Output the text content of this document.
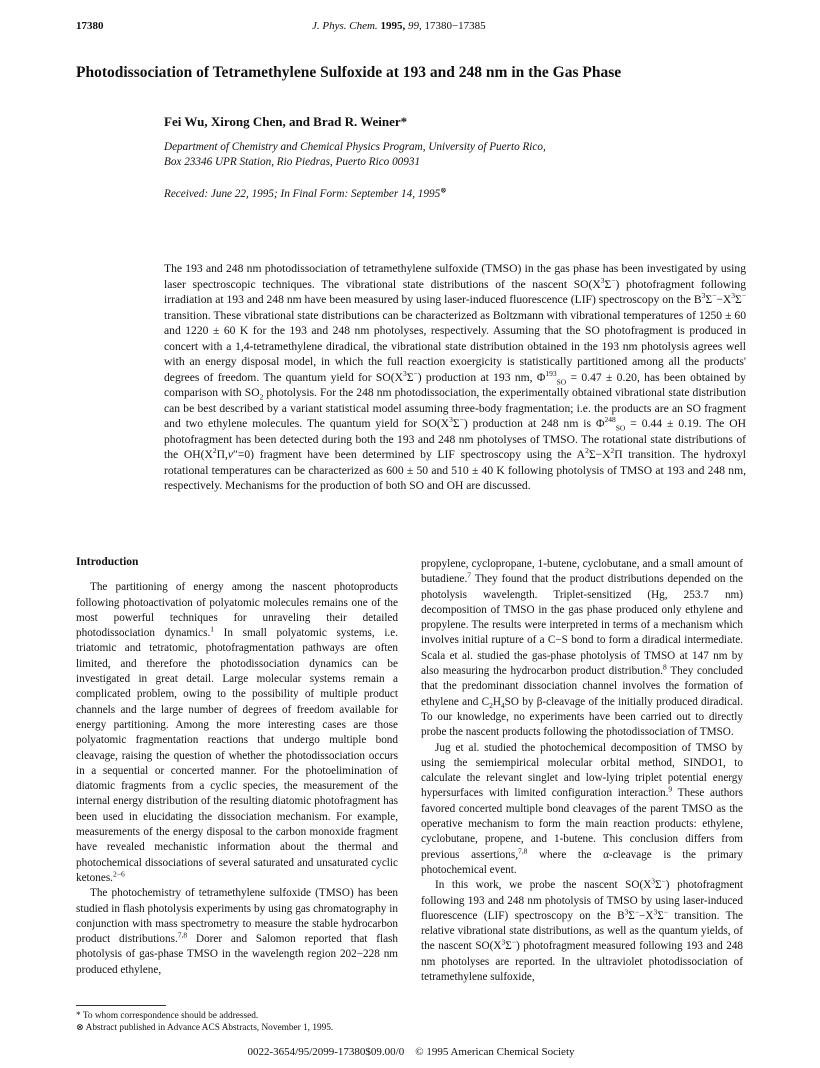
17380	J. Phys. Chem. 1995, 99, 17380−17385
Photodissociation of Tetramethylene Sulfoxide at 193 and 248 nm in the Gas Phase
Fei Wu, Xirong Chen, and Brad R. Weiner*
Department of Chemistry and Chemical Physics Program, University of Puerto Rico,
Box 23346 UPR Station, Rio Piedras, Puerto Rico 00931
Received: June 22, 1995; In Final Form: September 14, 1995⊗

The 193 and 248 nm photodissociation of tetramethylene sulfoxide (TMSO) in the gas phase has been investigated by using laser spectroscopic techniques. The vibrational state distributions of the nascent $SO(X^3\Sigma^-)$ photofragment following irradiation at 193 and 248 nm have been measured by using laser-induced fluorescence (LIF) spectroscopy on the $B^3\Sigma^--X^3\Sigma^-$ transition. These vibrational state distributions can be characterized as Boltzmann with vibrational temperatures of 1250 ± 60 and 1220 ± 60 K for the 193 and 248 nm photolyses, respectively. Assuming that the SO photofragment is produced in concert with a 1,4-tetramethylene diradical, the vibrational state distribution obtained in the 193 nm photolysis agrees well with an energy disposal model, in which the full reaction exoergicity is statistically partitioned among all the products' degrees of freedom. The quantum yield for $SO(X^3\Sigma^-)$ production at 193 nm, $\Phi^{193}_{SO} = 0.47 \pm 0.20$, has been obtained by comparison with $SO_2$ photolysis. For the 248 nm photodissociation, the experimentally obtained vibrational state distribution can be best described by a variant statistical model assuming three-body fragmentation; i.e. the products are an SO fragment and two ethylene molecules. The quantum yield for $SO(X^3\Sigma^-)$ production at 248 nm is $\Phi^{248}_{SO} = 0.44 \pm 0.19$. The OH photofragment has been detected during both the 193 and 248 nm photolyses of TMSO. The rotational state distributions of the $OH(X^2\Pi,v''=0)$ fragment have been determined by LIF spectroscopy using the $A^2\Sigma-X^2\Pi$ transition. The hydroxyl rotational temperatures can be characterized as 600 ± 50 and 510 ± 40 K following photolysis of TMSO at 193 and 248 nm, respectively. Mechanisms for the production of both SO and OH are discussed.

Introduction

The partitioning of energy among the nascent photoproducts following photoactivation of polyatomic molecules remains one of the most powerful techniques for unraveling their detailed photodissociation dynamics.$^1$ In small polyatomic systems, i.e. triatomic and tetratomic, photofragmentation pathways are often limited, and therefore the photodissociation dynamics can be investigated in great detail. Large molecular systems remain a complicated problem, owing to the possibility of multiple product channels and the large number of degrees of freedom available for energy partitioning. Among the more interesting cases are those polyatomic fragmentation reactions that undergo multiple bond cleavage, raising the question of whether the photodissociation occurs in a sequential or concerted manner. For the photoelimination of diatomic fragments from a cyclic species, the measurement of the internal energy distribution of the resulting diatomic photofragment has been used in elucidating the dissociation mechanism. For example, measurements of the energy disposal to the carbon monoxide fragment have revealed mechanistic information about the thermal and photochemical dissociations of several saturated and unsaturated cyclic ketones.$^{2-6}$

The photochemistry of tetramethylene sulfoxide (TMSO) has been studied in flash photolysis experiments by using gas chromatography in conjunction with mass spectrometry to measure the stable hydrocarbon product distributions.$^{7,8}$ Dorer and Salomon reported that flash photolysis of gas-phase TMSO in the wavelength region 202−228 nm produced ethylene,

propylene, cyclopropane, 1-butene, cyclobutane, and a small amount of butadiene.$^7$ They found that the product distributions depended on the photolysis wavelength. Triplet-sensitized (Hg, 253.7 nm) decomposition of TMSO in the gas phase produced only ethylene and propylene. The results were interpreted in terms of a mechanism which involves initial rupture of a C−S bond to form a diradical intermediate. Scala et al. studied the gas-phase photolysis of TMSO at 147 nm by also measuring the hydrocarbon product distribution.$^8$ They concluded that the predominant dissociation channel involves the formation of ethylene and $C_2H_4SO$ by β-cleavage of the initially produced diradical. To our knowledge, no experiments have been carried out to directly probe the nascent products following the photodissociation of TMSO.

Jug et al. studied the photochemical decomposition of TMSO by using the semiempirical molecular orbital method, SINDO1, to calculate the relevant singlet and low-lying triplet potential energy hypersurfaces with limited configuration interaction.$^9$ These authors favored concerted multiple bond cleavages of the parent TMSO as the operative mechanism to form the main reaction products: ethylene, cyclobutane, propene, and 1-butene. This conclusion differs from previous assertions,$^{7,8}$ where the α-cleavage is the primary photochemical event.

In this work, we probe the nascent $SO(X^3\Sigma^-)$ photofragment following 193 and 248 nm photolysis of TMSO by using laser-induced fluorescence (LIF) spectroscopy on the $B^3\Sigma^--X^3\Sigma^-$ transition. The relative vibrational state distributions, as well as the quantum yields, of the nascent $SO(X^3\Sigma^-)$ photofragment measured following 193 and 248 nm photolyses are reported. In the ultraviolet photodissociation of tetramethylene sulfoxide,

* To whom correspondence should be addressed.
⊗ Abstract published in Advance ACS Abstracts, November 1, 1995.
0022-3654/95/2099-17380$09.00/0 © 1995 American Chemical Society
